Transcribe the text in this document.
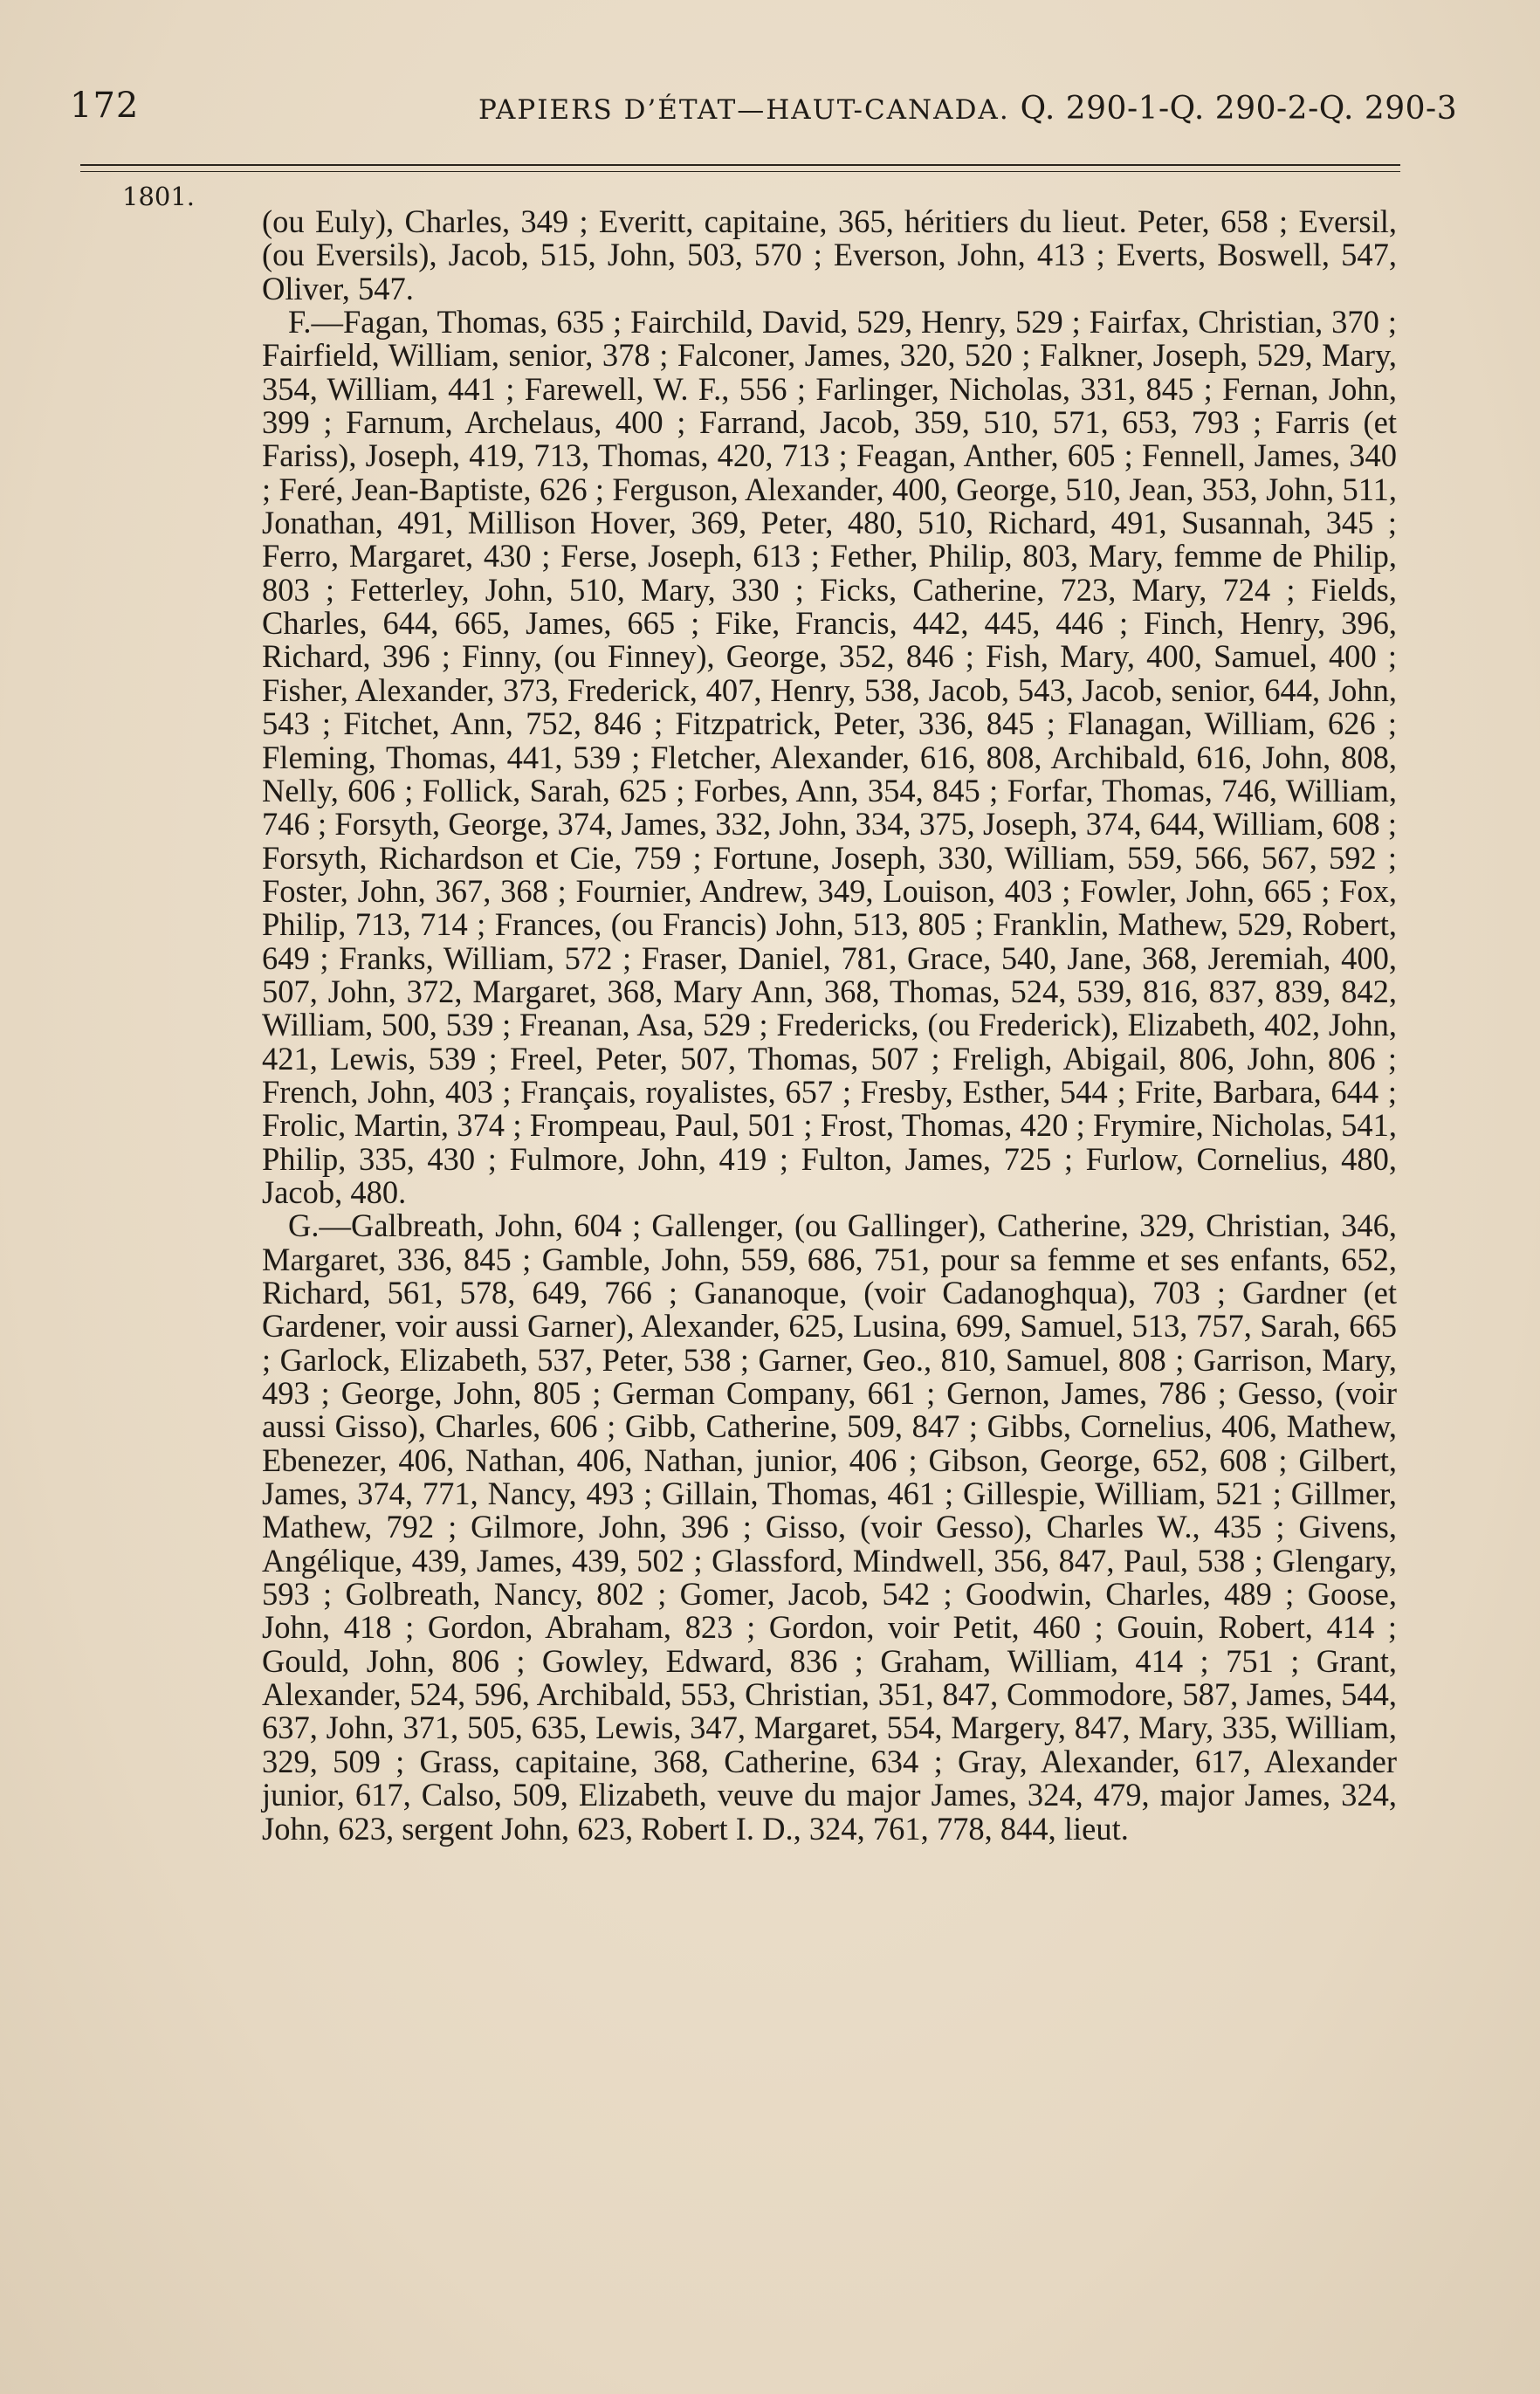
172	PAPIERS D’ÉTAT—HAUT-CANADA. Q. 290-1-Q. 290-2-Q. 290-3
1801.

(ou Euly), Charles, 349 ; Everitt, capitaine, 365, héritiers du lieut. Peter, 658 ; Eversil, (ou Eversils), Jacob, 515, John, 503, 570 ; Everson, John, 413 ; Everts, Boswell, 547, Oliver, 547.

F.—Fagan, Thomas, 635 ; Fairchild, David, 529, Henry, 529 ; Fairfax, Christian, 370 ; Fairfield, William, senior, 378 ; Falconer, James, 320, 520 ; Falkner, Joseph, 529, Mary, 354, William, 441 ; Farewell, W. F., 556 ; Farlinger, Nicholas, 331, 845 ; Fernan, John, 399 ; Farnum, Archelaus, 400 ; Farrand, Jacob, 359, 510, 571, 653, 793 ; Farris (et Fariss), Joseph, 419, 713, Thomas, 420, 713 ; Feagan, Anther, 605 ; Fennell, James, 340 ; Feré, Jean-Baptiste, 626 ; Ferguson, Alexander, 400, George, 510, Jean, 353, John, 511, Jonathan, 491, Millison Hover, 369, Peter, 480, 510, Richard, 491, Susannah, 345 ; Ferro, Margaret, 430 ; Ferse, Joseph, 613 ; Fether, Philip, 803, Mary, femme de Philip, 803 ; Fetterley, John, 510, Mary, 330 ; Ficks, Catherine, 723, Mary, 724 ; Fields, Charles, 644, 665, James, 665 ; Fike, Francis, 442, 445, 446 ; Finch, Henry, 396, Richard, 396 ; Finny, (ou Finney), George, 352, 846 ; Fish, Mary, 400, Samuel, 400 ; Fisher, Alexander, 373, Frederick, 407, Henry, 538, Jacob, 543, Jacob, senior, 644, John, 543 ; Fitchet, Ann, 752, 846 ; Fitzpatrick, Peter, 336, 845 ; Flanagan, William, 626 ; Fleming, Thomas, 441, 539 ; Fletcher, Alexander, 616, 808, Archibald, 616, John, 808, Nelly, 606 ; Follick, Sarah, 625 ; Forbes, Ann, 354, 845 ; Forfar, Thomas, 746, William, 746 ; Forsyth, George, 374, James, 332, John, 334, 375, Joseph, 374, 644, William, 608 ; Forsyth, Richardson et Cie, 759 ; Fortune, Joseph, 330, William, 559, 566, 567, 592 ; Foster, John, 367, 368 ; Fournier, Andrew, 349, Louison, 403 ; Fowler, John, 665 ; Fox, Philip, 713, 714 ; Frances, (ou Francis) John, 513, 805 ; Franklin, Mathew, 529, Robert, 649 ; Franks, William, 572 ; Fraser, Daniel, 781, Grace, 540, Jane, 368, Jeremiah, 400, 507, John, 372, Margaret, 368, Mary Ann, 368, Thomas, 524, 539, 816, 837, 839, 842, William, 500, 539 ; Freanan, Asa, 529 ; Fredericks, (ou Frederick), Elizabeth, 402, John, 421, Lewis, 539 ; Freel, Peter, 507, Thomas, 507 ; Freligh, Abigail, 806, John, 806 ; French, John, 403 ; Français, royalistes, 657 ; Fresby, Esther, 544 ; Frite, Barbara, 644 ; Frolic, Martin, 374 ; Frompeau, Paul, 501 ; Frost, Thomas, 420 ; Frymire, Nicholas, 541, Philip, 335, 430 ; Fulmore, John, 419 ; Fulton, James, 725 ; Furlow, Cornelius, 480, Jacob, 480.

G.—Galbreath, John, 604 ; Gallenger, (ou Gallinger), Catherine, 329, Christian, 346, Margaret, 336, 845 ; Gamble, John, 559, 686, 751, pour sa femme et ses enfants, 652, Richard, 561, 578, 649, 766 ; Gananoque, (voir Cadanoghqua), 703 ; Gardner (et Gardener, voir aussi Garner), Alexander, 625, Lusina, 699, Samuel, 513, 757, Sarah, 665 ; Garlock, Elizabeth, 537, Peter, 538 ; Garner, Geo., 810, Samuel, 808 ; Garrison, Mary, 493 ; George, John, 805 ; German Company, 661 ; Gernon, James, 786 ; Gesso, (voir aussi Gisso), Charles, 606 ; Gibb, Catherine, 509, 847 ; Gibbs, Cornelius, 406, Mathew, Ebenezer, 406, Nathan, 406, Nathan, junior, 406 ; Gibson, George, 652, 608 ; Gilbert, James, 374, 771, Nancy, 493 ; Gillain, Thomas, 461 ; Gillespie, William, 521 ; Gillmer, Mathew, 792 ; Gilmore, John, 396 ; Gisso, (voir Gesso), Charles W., 435 ; Givens, Angélique, 439, James, 439, 502 ; Glassford, Mindwell, 356, 847, Paul, 538 ; Glengary, 593 ; Golbreath, Nancy, 802 ; Gomer, Jacob, 542 ; Goodwin, Charles, 489 ; Goose, John, 418 ; Gordon, Abraham, 823 ; Gordon, voir Petit, 460 ; Gouin, Robert, 414 ; Gould, John, 806 ; Gowley, Edward, 836 ; Graham, William, 414 ; 751 ; Grant, Alexander, 524, 596, Archibald, 553, Christian, 351, 847, Commodore, 587, James, 544, 637, John, 371, 505, 635, Lewis, 347, Margaret, 554, Margery, 847, Mary, 335, William, 329, 509 ; Grass, capitaine, 368, Catherine, 634 ; Gray, Alexander, 617, Alexander junior, 617, Calso, 509, Elizabeth, veuve du major James, 324, 479, major James, 324, John, 623, sergent John, 623, Robert I. D., 324, 761, 778, 844, lieut.
